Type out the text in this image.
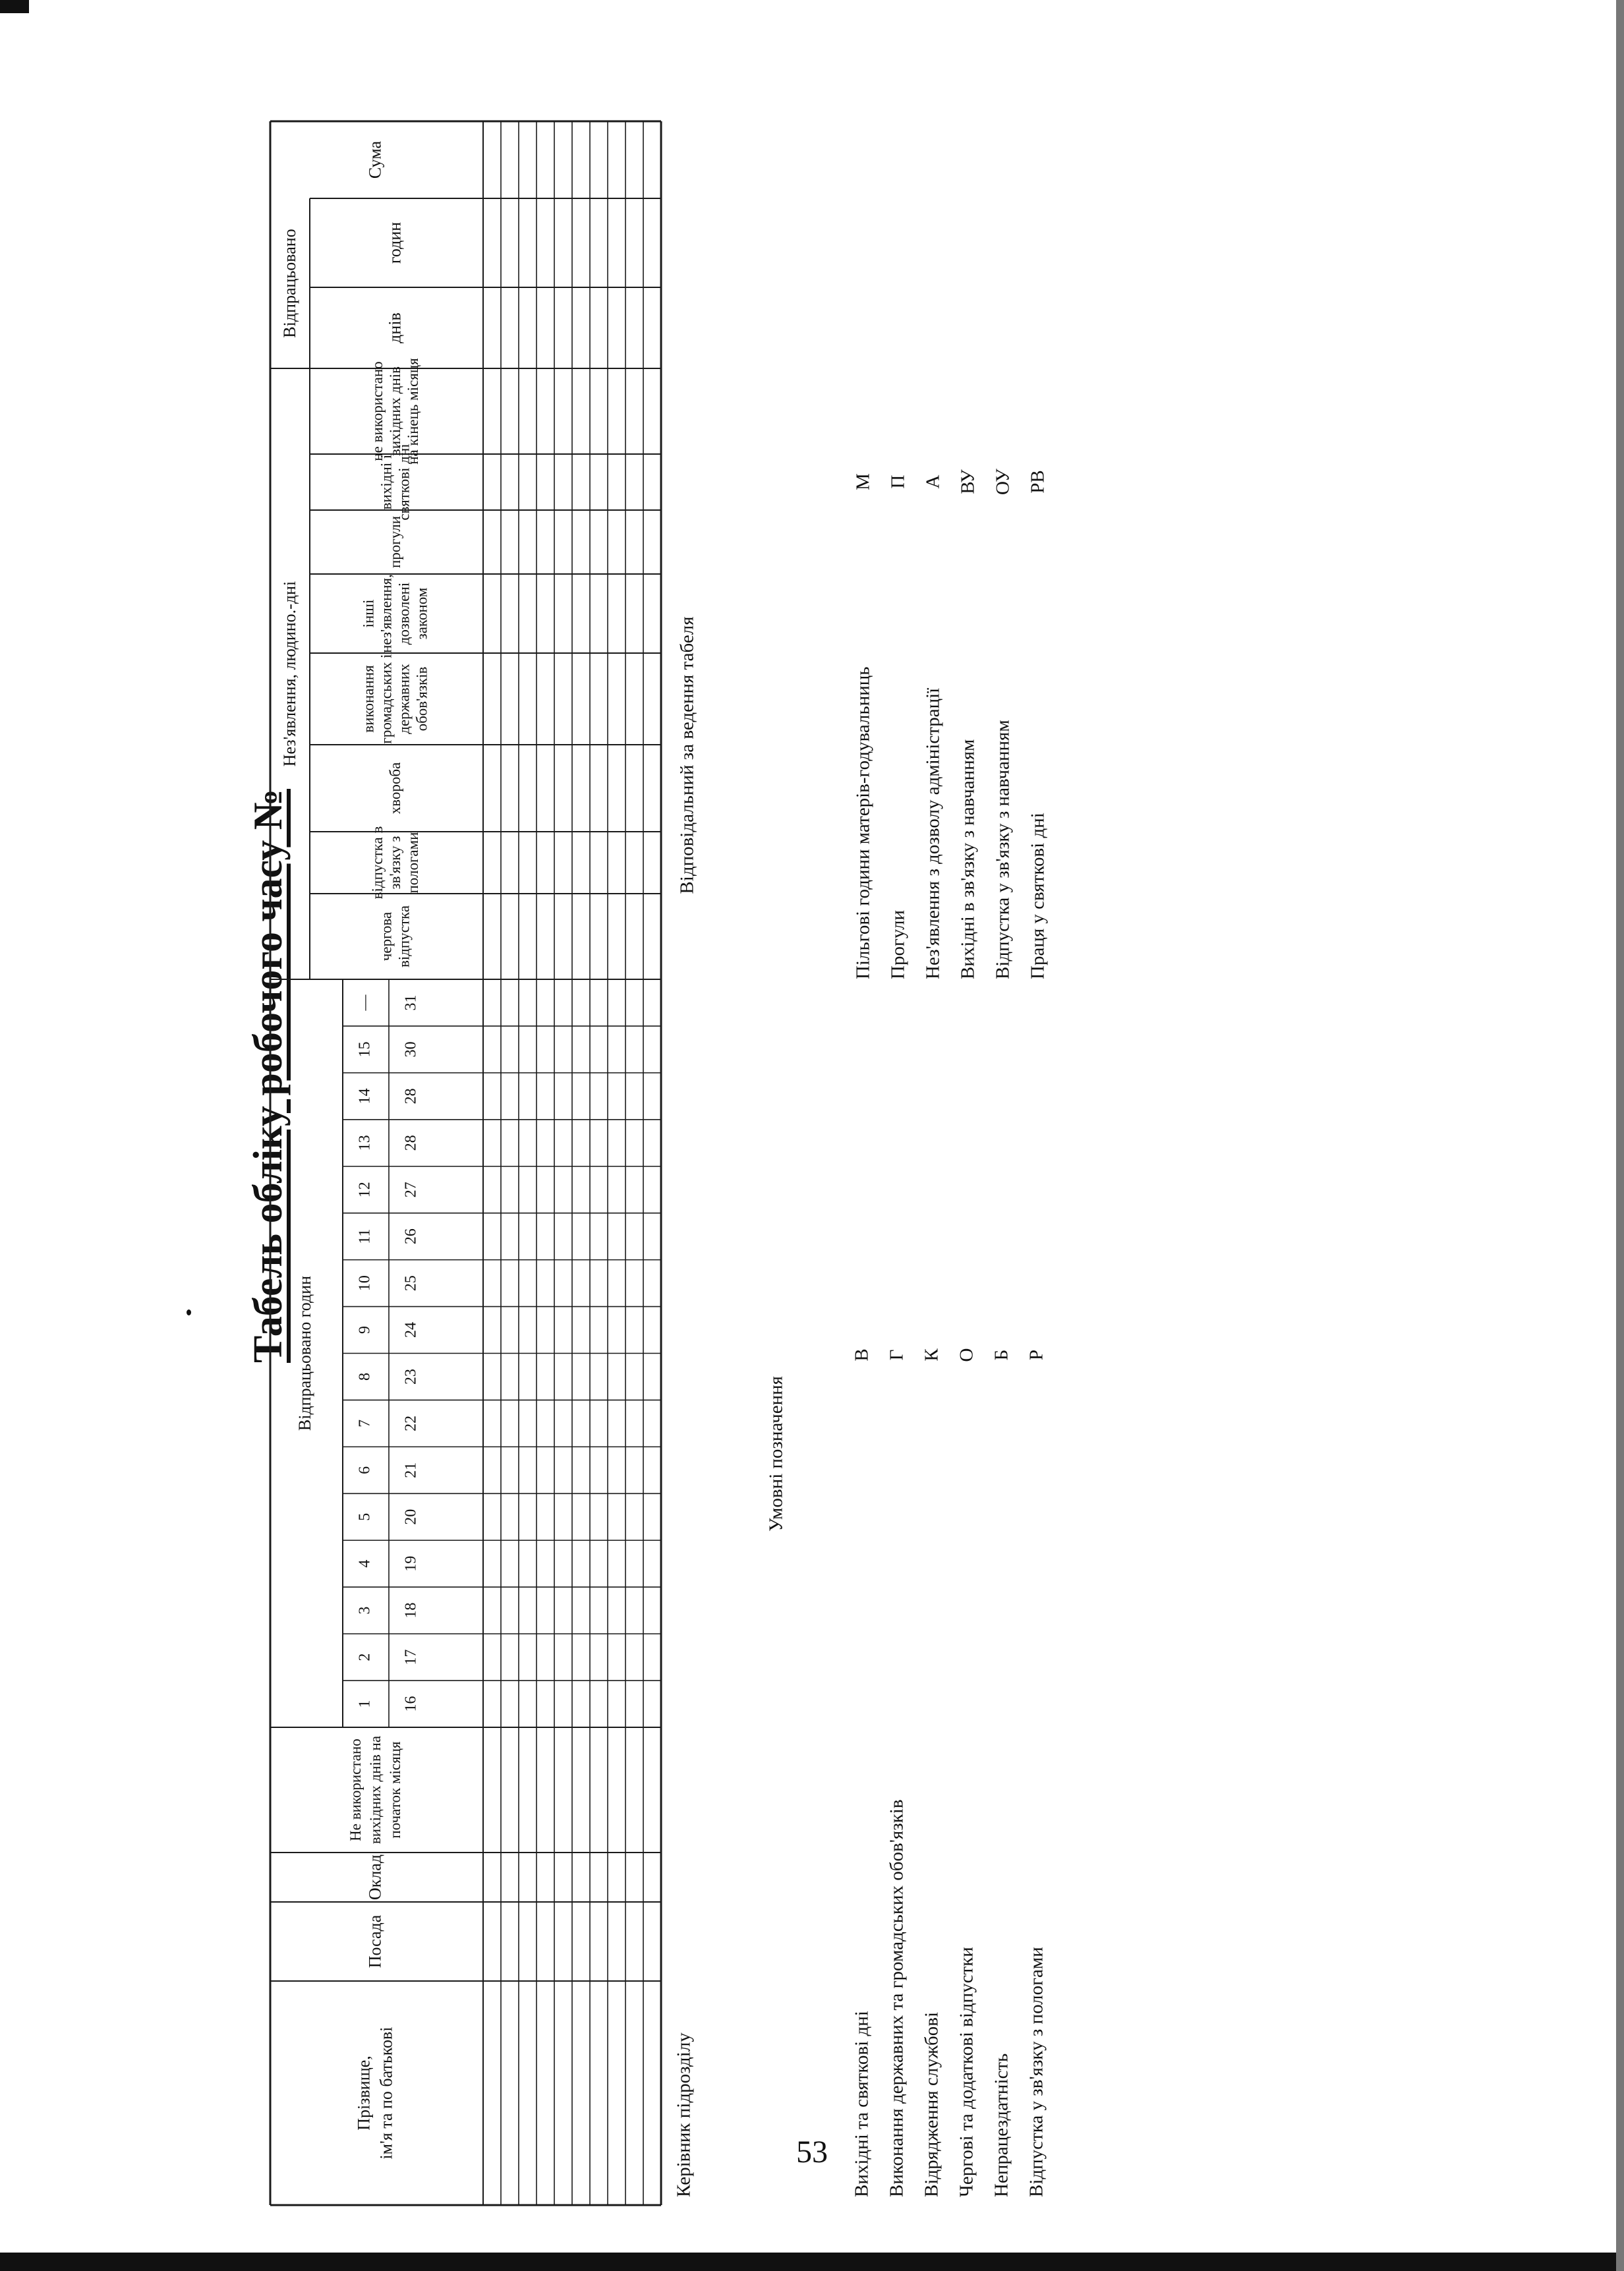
Табель обліку робочого часу №
Прізвище, ім'я та по батькові
Посада
Оклад
Не використано вихідних днів на початок місяця
Відпрацьовано годин
1
2
3
4
5
6
7
8
9
10
11
12
13
14
15
—
16
17
18
19
20
21
22
23
24
25
26
27
28
28
30
31
Нез'явлення, людино.-дні
чергова відпустка
відпустка в зв'язку з пологами
хвороба
виконання громадських і державних обов'язків
інші нез'явлення, дозволені законом
прогули
вихідні і святкові дні
не використано вихідних днів на кінець місяця
Відпрацьовано	днів
годин
Сума
Керівник підрозділу
Відповідальний за ведення табеля
Умовні позначення
Вихідні та святкові дні
В
Виконання державних та громадських обов'язків
Г
Відрядження службові
К
Чергові та додаткові відпустки
О
Непрацездатність
Б
Відпустка у зв'язку з пологами
Р
Пільгові години матерів-годувальниць
М
Прогули
П
Нез'явлення з дозволу адміністрації
А
Вихідні в зв'язку з навчанням
ВУ
Відпустка у зв'язку з навчанням
ОУ
Праця у святкові дні
РВ
53
